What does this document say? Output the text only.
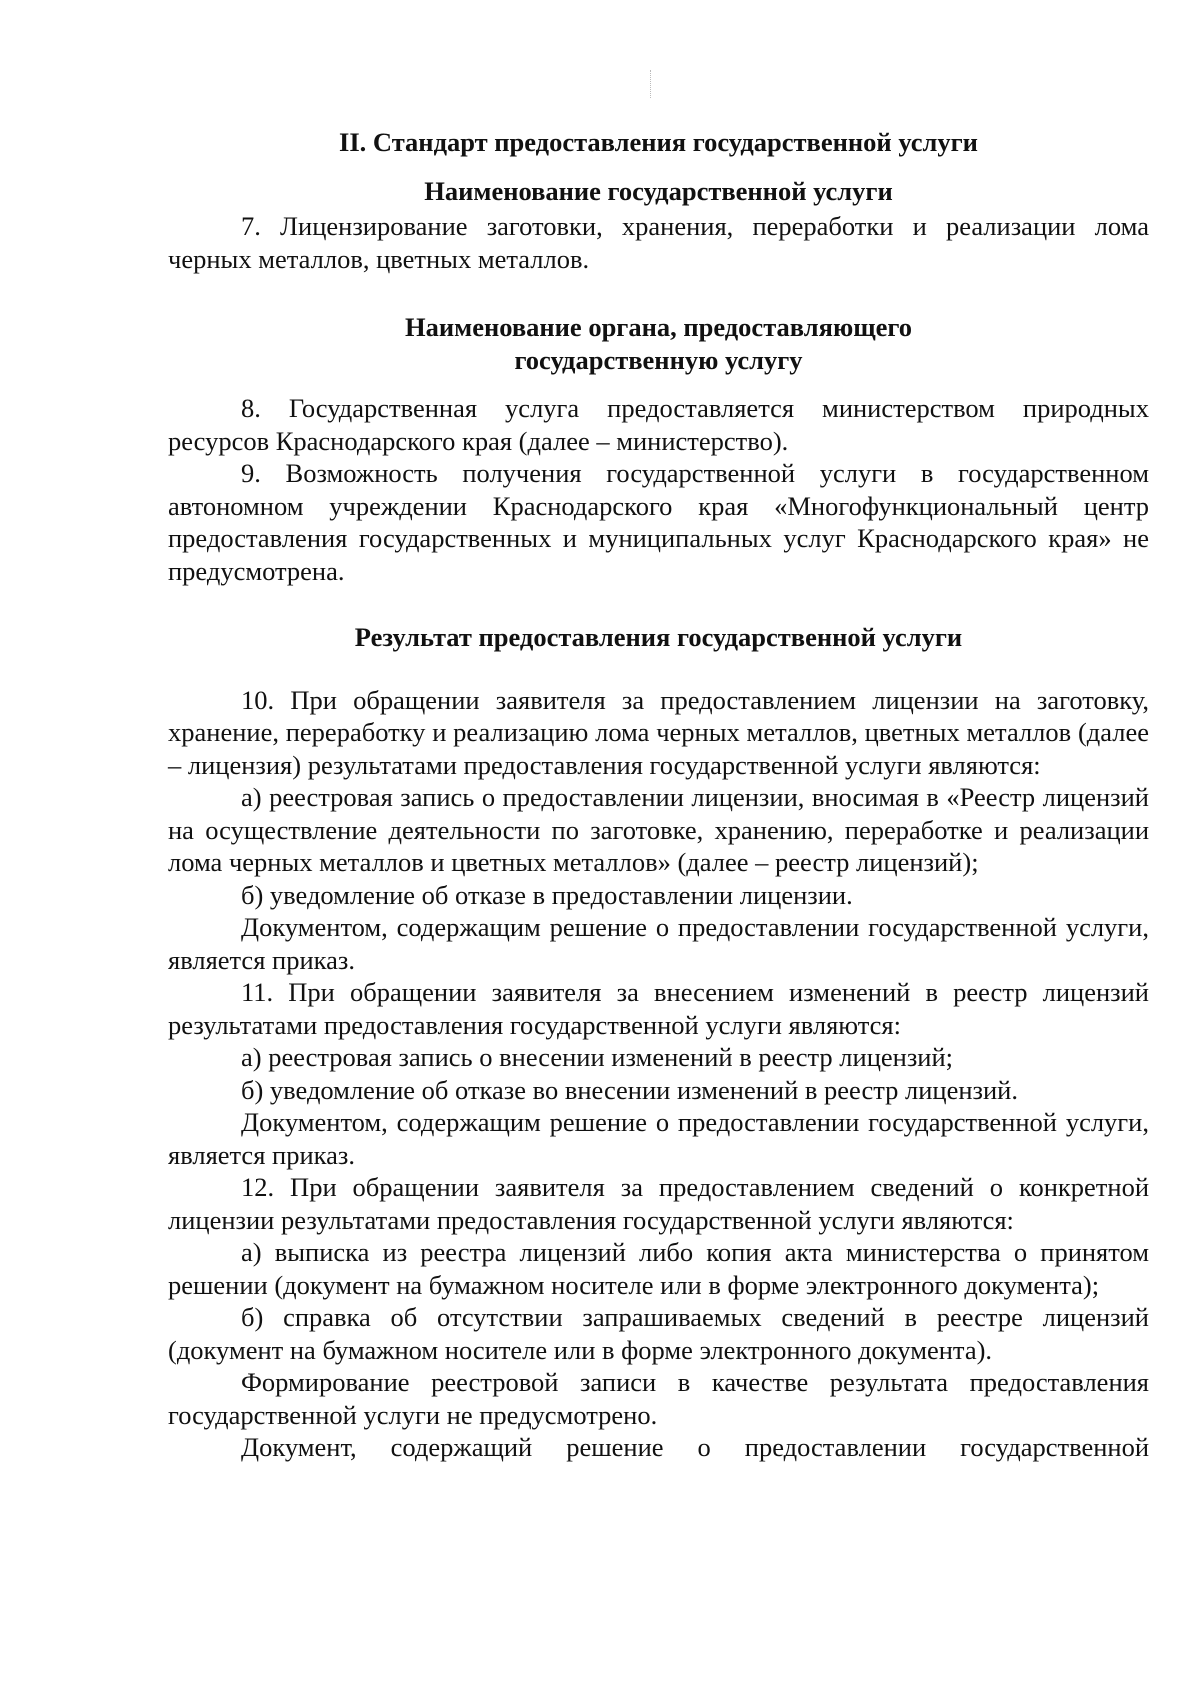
II. Стандарт предоставления государственной услуги

Наименование государственной услуги

7. Лицензирование заготовки, хранения, переработки и реализации лома черных металлов, цветных металлов.

Наименование органа, предоставляющего

государственную услугу

8. Государственная услуга предоставляется министерством природных ресурсов Краснодарского края (далее – министерство).

9. Возможность получения государственной услуги в государственном автономном учреждении Краснодарского края «Многофункциональный центр предоставления государственных и муниципальных услуг Краснодарского края» не предусмотрена.

Результат предоставления государственной услуги

10. При обращении заявителя за предоставлением лицензии на заготовку, хранение, переработку и реализацию лома черных металлов, цветных металлов (далее – лицензия) результатами предоставления государственной услуги являются:

а) реестровая запись о предоставлении лицензии, вносимая в «Реестр лицензий на осуществление деятельности по заготовке, хранению, переработке и реализации лома черных металлов и цветных металлов» (далее – реестр лицензий);

б) уведомление об отказе в предоставлении лицензии.

Документом, содержащим решение о предоставлении государственной услуги, является приказ.

11. При обращении заявителя за внесением изменений в реестр лицензий результатами предоставления государственной услуги являются:

а) реестровая запись о внесении изменений в реестр лицензий;

б) уведомление об отказе во внесении изменений в реестр лицензий.

Документом, содержащим решение о предоставлении государственной услуги, является приказ.

12. При обращении заявителя за предоставлением сведений о конкретной лицензии результатами предоставления государственной услуги являются:

а) выписка из реестра лицензий либо копия акта министерства о принятом решении (документ на бумажном носителе или в форме электронного документа);

б) справка об отсутствии запрашиваемых сведений в реестре лицензий (документ на бумажном носителе или в форме электронного документа).

Формирование реестровой записи в качестве результата предоставления государственной услуги не предусмотрено.

Документ, содержащий решение о предоставлении государственной
